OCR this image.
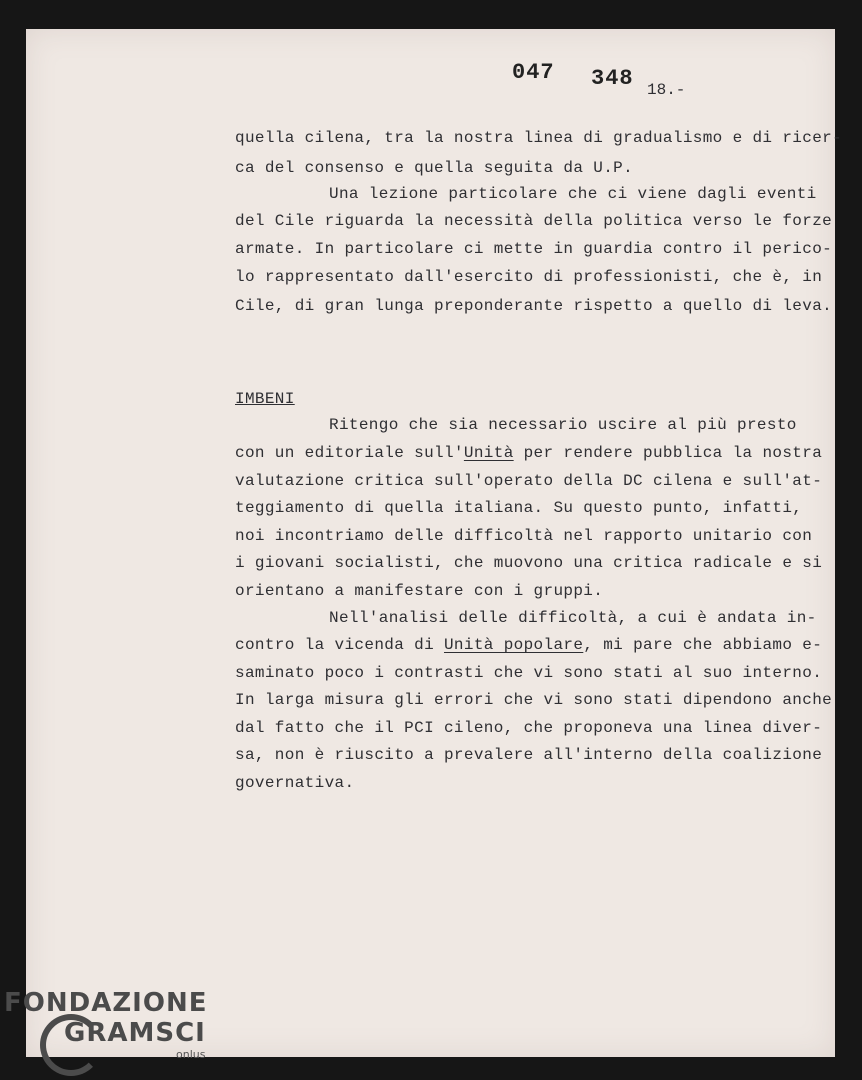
047 348 18.-

quella cilena, tra la nostra linea di gradualismo e di ricer-

ca del consenso e quella seguita da U.P.

Una lezione particolare che ci viene dagli eventi

del Cile riguarda la necessità della politica verso le forze

armate. In particolare ci mette in guardia contro il perico-

lo rappresentato dall'esercito di professionisti, che è, in

Cile, di gran lunga preponderante rispetto a quello di leva.

IMBENI

Ritengo che sia necessario uscire al più presto

con un editoriale sull'Unità per rendere pubblica la nostra

valutazione critica sull'operato della DC cilena e sull'at-

teggiamento di quella italiana. Su questo punto, infatti,

noi incontriamo delle difficoltà nel rapporto unitario con

i giovani socialisti, che muovono una critica radicale e si

orientano a manifestare con i gruppi.

Nell'analisi delle difficoltà, a cui è andata in-

contro la vicenda di Unità popolare, mi pare che abbiamo e-

saminato poco i contrasti che vi sono stati al suo interno.

In larga misura gli errori che vi sono stati dipendono anche

dal fatto che il PCI cileno, che proponeva una linea diver-

sa, non è riuscito a prevalere all'interno della coalizione

governativa.

FONDAZIONE
GRAMSCI
onlus
